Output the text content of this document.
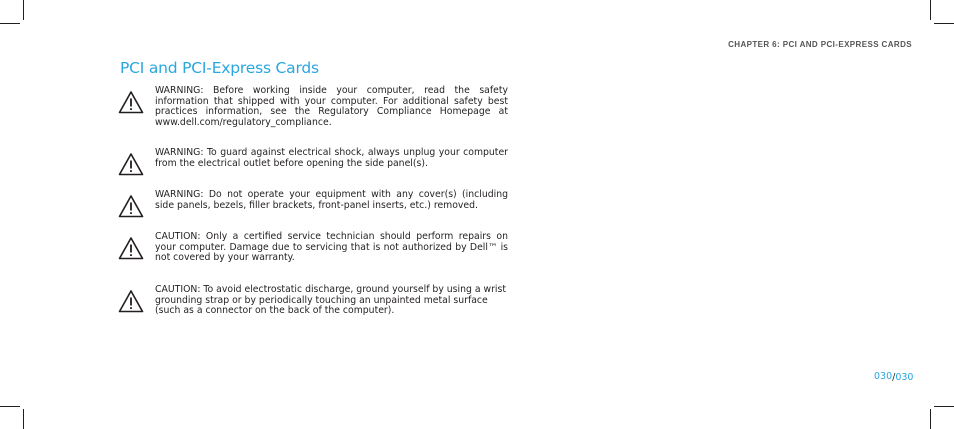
CHAPTER 6: PCI AND PCI-EXPRESS CARDS
PCI and PCI-Express Cards
WARNING: Before working inside your computer, read the safety information that shipped with your computer. For additional safety best practices information, see the Regulatory Compliance Homepage at www.dell.com/regulatory_compliance.
WARNING: To guard against electrical shock, always unplug your computer from the electrical outlet before opening the side panel(s).
WARNING: Do not operate your equipment with any cover(s) (including side panels, bezels, filler brackets, front-panel inserts, etc.) removed.
CAUTION: Only a certified service technician should perform repairs on your computer. Damage due to servicing that is not authorized by Dell™ is not covered by your warranty.
CAUTION: To avoid electrostatic discharge, ground yourself by using a wrist grounding strap or by periodically touching an unpainted metal surface (such as a connector on the back of the computer).
030/030
